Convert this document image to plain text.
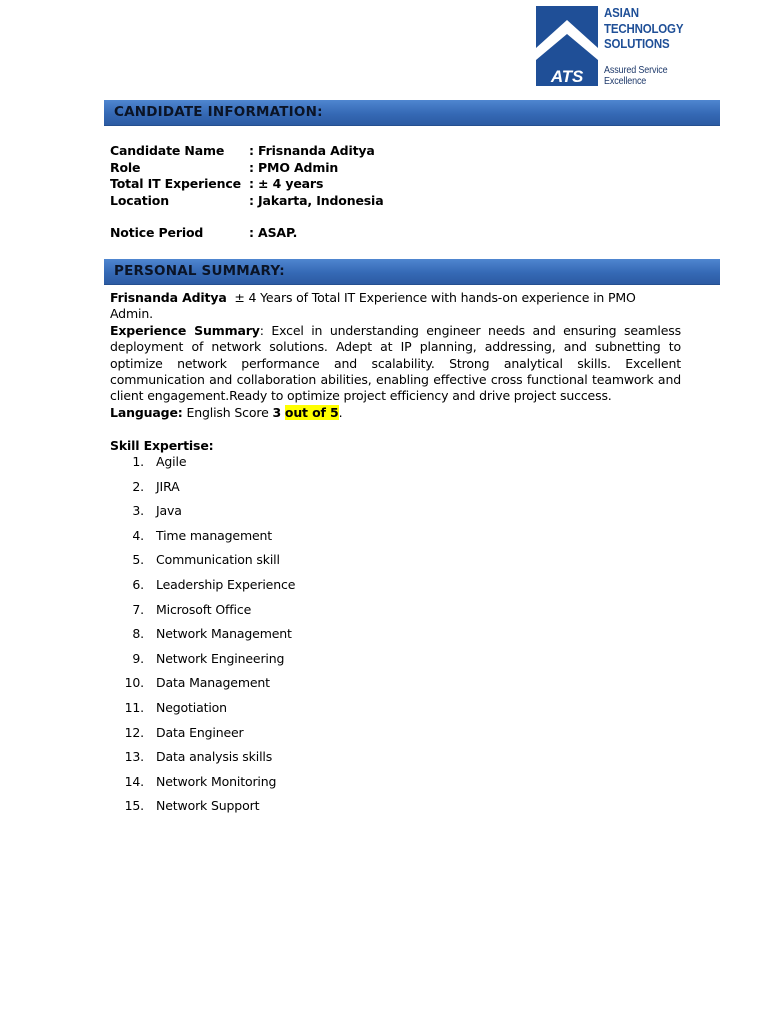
ATS
ASIAN
TECHNOLOGY
SOLUTIONS
Assured Service
Excellence
CANDIDATE INFORMATION:
Candidate Name : Frisnanda Aditya
Role	: PMO Admin
Total IT Experience : ± 4 years
Location	: Jakarta, Indonesia
Notice Period	: ASAP.
PERSONAL SUMMARY:
Frisnanda Aditya ± 4 Years of Total IT Experience with hands-on experience in PMO Admin.
Experience Summary: Excel in understanding engineer needs and ensuring seamless deployment of network solutions. Adept at IP planning, addressing, and subnetting to optimize network performance and scalability. Strong analytical skills. Excellent communication and collaboration abilities, enabling effective cross functional teamwork and client engagement.Ready to optimize project efficiency and drive project success.
Language: English Score 3 out of 5.
Skill Expertise:
1. Agile
2. JIRA
3. Java
4. Time management
5. Communication skill
6. Leadership Experience
7. Microsoft Office
8. Network Management
9. Network Engineering
10. Data Management
11. Negotiation
12. Data Engineer
13. Data analysis skills
14. Network Monitoring
15. Network Support
